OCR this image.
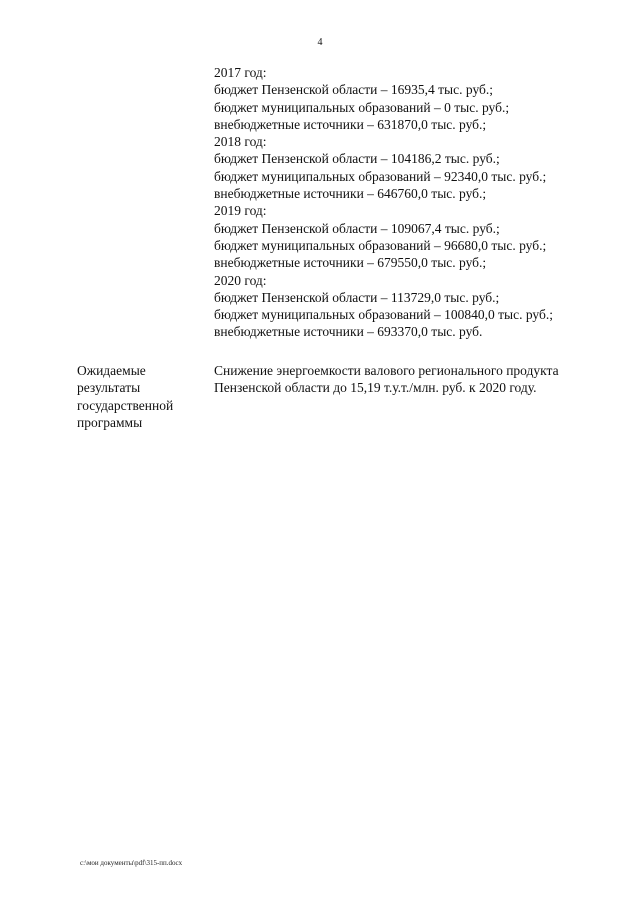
4
2017 год:
бюджет Пензенской области – 16935,4 тыс. руб.;
бюджет муниципальных образований – 0 тыс. руб.;
внебюджетные источники – 631870,0 тыс. руб.;
2018 год:
бюджет Пензенской области – 104186,2 тыс. руб.;
бюджет муниципальных образований – 92340,0 тыс. руб.;
внебюджетные источники – 646760,0 тыс. руб.;
2019 год:
бюджет Пензенской области – 109067,4 тыс. руб.;
бюджет муниципальных образований – 96680,0 тыс. руб.;
внебюджетные источники – 679550,0 тыс. руб.;
2020 год:
бюджет Пензенской области – 113729,0 тыс. руб.;
бюджет муниципальных образований – 100840,0 тыс. руб.;
внебюджетные источники – 693370,0 тыс. руб.
Ожидаемые
результаты
государственной
программы
Снижение энергоемкости валового регионального продукта
Пензенской области до 15,19 т.у.т./млн. руб. к 2020 году.
c:\мои документы\pdf\315-пп.docx
